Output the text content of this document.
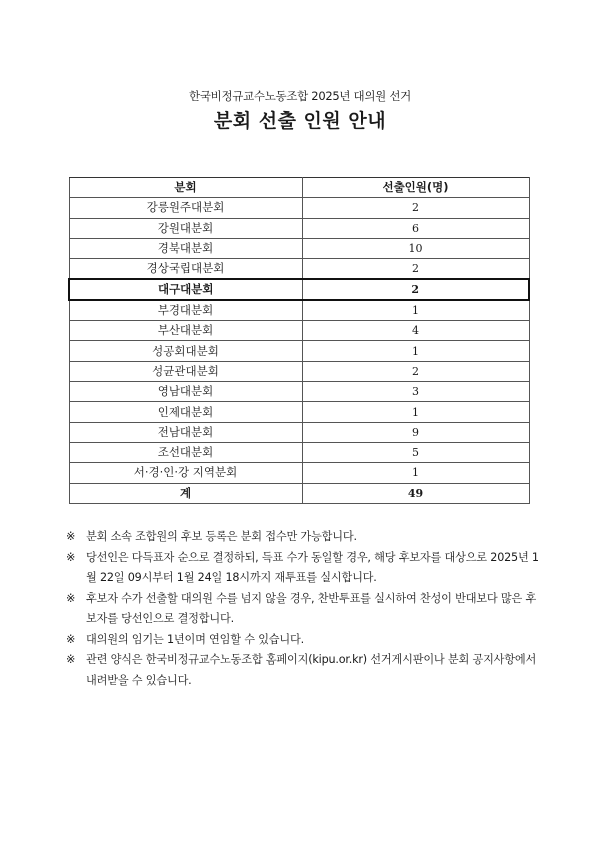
한국비정규교수노동조합 2025년 대의원 선거
분회 선출 인원 안내
분회	선출인원(명)
강릉원주대분회	2
강원대분회	6
경북대분회	10
경상국립대분회	2
대구대분회	2
부경대분회	1
부산대분회	4
성공회대분회	1
성균관대분회	2
영남대분회	3
인제대분회	1
전남대분회	9
조선대분회	5
서·경·인·강 지역분회	1
계	49
※ 분회 소속 조합원의 후보 등록은 분회 접수만 가능합니다.
※ 당선인은 다득표자 순으로 결정하되, 득표 수가 동일할 경우, 해당 후보자를 대상으로 2025년 1월 22일 09시부터 1월 24일 18시까지 재투표를 실시합니다.
※ 후보자 수가 선출할 대의원 수를 넘지 않을 경우, 찬반투표를 실시하여 찬성이 반대보다 많은 후보자를 당선인으로 결정합니다.
※ 대의원의 임기는 1년이며 연임할 수 있습니다.
※ 관련 양식은 한국비정규교수노동조합 홈페이지(kipu.or.kr) 선거게시판이나 분회 공지사항에서 내려받을 수 있습니다.
